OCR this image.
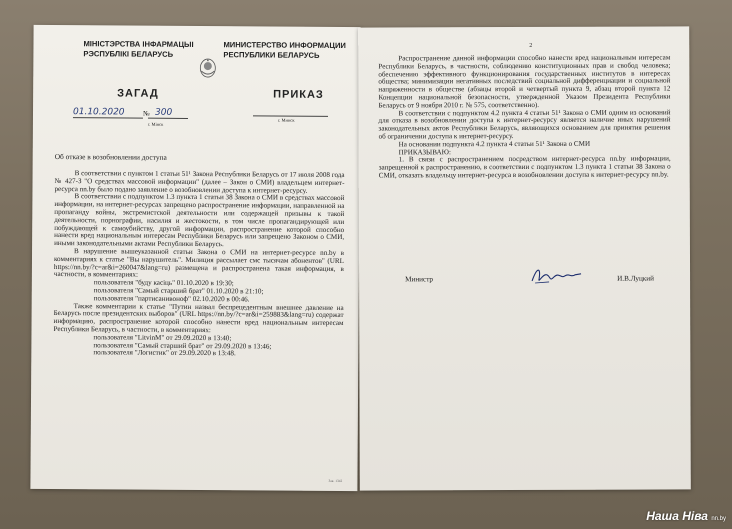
МІНІСТЭРСТВА ІНФАРМАЦЫІ
РЭСПУБЛІКІ БЕЛАРУСЬ
МИНИСТЕРСТВО ИНФОРМАЦИИ
РЕСПУБЛИКИ БЕЛАРУСЬ
ЗАГАД	ПРИКАЗ
01.10.2020	№ 300
г. Мінск
г. Минск
Об отказе в возобновлении доступа

В соответствии с пунктом 1 статьи 51¹ Закона Республики Беларусь от 17 июля 2008 года № 427-З "О средствах массовой информации" (далее – Закон о СМИ) владельцем интернет-ресурса nn.by было подано заявление о возобновлении доступа к интернет-ресурсу.

В соответствии с подпунктом 1.3 пункта 1 статьи 38 Закона о СМИ в средствах массовой информации, на интернет-ресурсах запрещено распространение информации, направленной на пропаганду войны, экстремистской деятельности или содержащей призывы к такой деятельности, порнографии, насилия и жестокости, в том числе пропагандирующей или побуждающей к самоубийству, другой информации, распространение которой способно нанести вред национальным интересам Республики Беларусь или запрещено Законом о СМИ, иными законодательными актами Республики Беларусь.

В нарушение вышеуказанной статьи Закона о СМИ на интернет-ресурсе nn.by в комментариях к статье "Вы нарушитель". Милиция рассылает смс тысячам абонентов" (URL https://nn.by/?c=ar&i=260047&lang=ru) размещена и распространена такая информация, в частности, в комментариях:

пользователя "буду касіць" 01.10.2020 в 19:30;

пользователя "Самый старший брат" 01.10.2020 в 21:10;

пользователя "партисанивоноф" 02.10.2020 в 00:46.

Также комментарии к статье "Путин назвал беспрецедентным внешнее давление на Беларусь после президентских выборов" (URL https://nn.by/?c=ar&i=259883&lang=ru) содержат информацию, распространение которой способно нанести вред национальным интересам Республики Беларусь, в частности, в комментариях:

пользователя "LitvinM" от 29.09.2020 в 13:40;

пользователя "Самый старший брат" от 29.09.2020 в 13:46;

пользователя "Логистик" от 29.09.2020 в 13:48.

Зак. 1342
2

Распространение данной информации способно нанести вред национальным интересам Республики Беларусь, в частности, соблюдению конституционных прав и свобод человека; обеспечению эффективного функционирования государственных институтов в интересах общества; минимизации негативных последствий социальной дифференциации и социальной напряженности в обществе (абзацы второй и четвертый пункта 9, абзац второй пункта 12 Концепции национальной безопасности, утвержденной Указом Президента Республики Беларусь от 9 ноября 2010 г. № 575, соответственно).

В соответствии с подпунктом 4.2 пункта 4 статьи 51¹ Закона о СМИ одним из оснований для отказа в возобновлении доступа к интернет-ресурсу является наличие иных нарушений законодательных актов Республики Беларусь, являющихся основанием для принятия решения об ограничении доступа к интернет-ресурсу.

На основании подпункта 4.2 пункта 4 статьи 51¹ Закона о СМИ

ПРИКАЗЫВАЮ:

1. В связи с распространением посредством интернет-ресурса nn.by информации, запрещенной к распространению, в соответствии с подпунктом 1.3 пункта 1 статьи 38 Закона о СМИ, отказать владельцу интернет-ресурса в возобновлении доступа к интернет-ресурсу nn.by.

Министр	И.В.Луцкий
Наша Ніва nn.by
